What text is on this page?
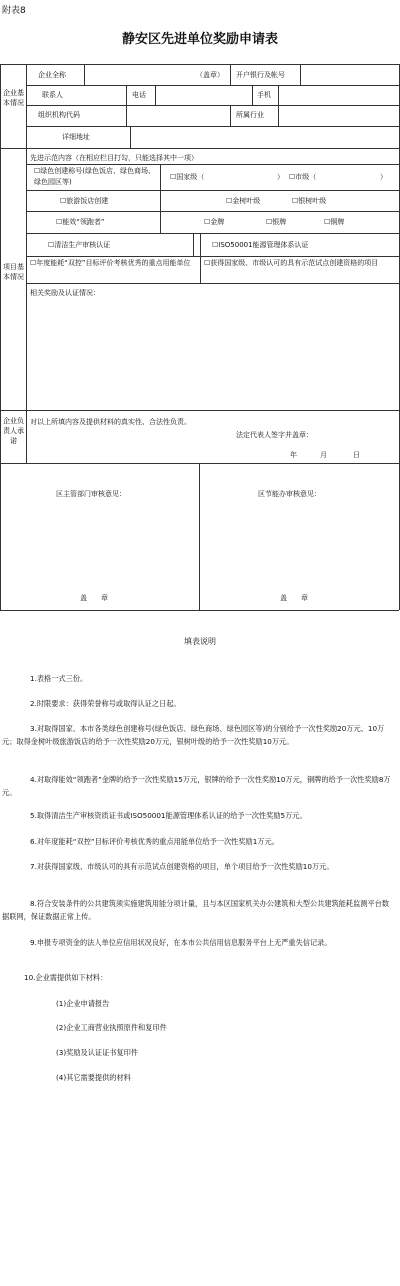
附表8
静安区先进单位奖励申请表
企业基本情况
企业全称	（盖章） 开户银行及帐号
联系人	电话	手机
组织机构代码	所属行业
详细地址
项目基本情况
先进示范内容（在相应栏目打勾，只能选择其中一项）
☐绿色创建称号(绿色饭店、绿色商场、绿色园区等)
☐国家级（	） ☐市级（	）
☐旅游饭店创建	☐金树叶级	☐银树叶级
☐能效“领跑者”	☐金牌	☐银牌	☐铜牌
☐清洁生产审核认证	☐ISO50001能源管理体系认证
☐年度能耗“双控”目标评价考核优秀的重点用能单位	☐获得国家级、市级认可的具有示范试点创建资格的项目
相关奖励及认证情况：
企业负责人承诺
对以上所填内容及提供材料的真实性、合法性负责。
法定代表人签字并盖章：
年	月	日
区主管部门审核意见：	区节能办审核意见：
盖　　章	盖　　章
填表说明
1.表格一式三份。
2.时限要求：获得荣誉称号或取得认证之日起。
3.对取得国家、本市各类绿色创建称号(绿色饭店、绿色商场、绿色园区等)的分别给予一次性奖励20万元、10万元；取得金树叶级旅游饭店的给予一次性奖励20万元，银树叶级的给予一次性奖励10万元。
4.对取得能效“领跑者”金牌的给予一次性奖励15万元，银牌的给予一次性奖励10万元，铜牌的给予一次性奖励8万元。
5.取得清洁生产审核资质证书或ISO50001能源管理体系认证的给予一次性奖励5万元。
6.对年度能耗“双控”目标评价考核优秀的重点用能单位给予一次性奖励1万元。
7.对获得国家级、市级认可的具有示范试点创建资格的项目，单个项目给予一次性奖励10万元。
8.符合安装条件的公共建筑须实施建筑用能分项计量，且与本区国家机关办公建筑和大型公共建筑能耗监测平台数据联网，保证数据正常上传。
9.申报专项资金的法人单位应信用状况良好，在本市公共信用信息服务平台上无严重失信记录。
10.企业需提供如下材料：
(1)企业申请报告
(2)企业工商营业执照原件和复印件
(3)奖励及认证证书复印件
(4)其它需要提供的材料
